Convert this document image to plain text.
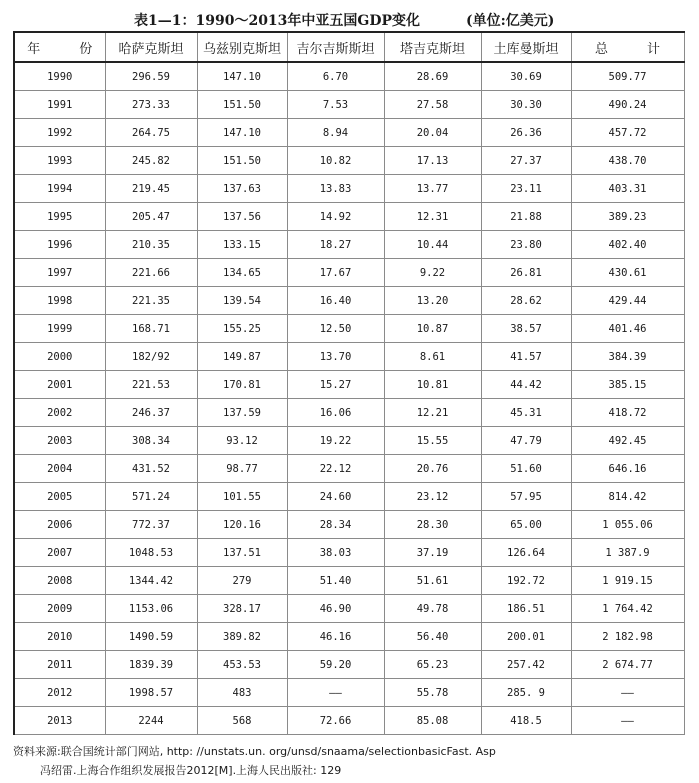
表1—1：1990～2013年中亚五国GDP变化	(单位:亿美元)
年　　　份	哈萨克斯坦	乌兹别克斯坦	吉尔吉斯斯坦	塔吉克斯坦	土库曼斯坦	总　　　计
1990	296.59	147.10	6.70	28.69	30.69	509.77
1991	273.33	151.50	7.53	27.58	30.30	490.24
1992	264.75	147.10	8.94	20.04	26.36	457.72
1993	245.82	151.50	10.82	17.13	27.37	438.70
1994	219.45	137.63	13.83	13.77	23.11	403.31
1995	205.47	137.56	14.92	12.31	21.88	389.23
1996	210.35	133.15	18.27	10.44	23.80	402.40
1997	221.66	134.65	17.67	9.22	26.81	430.61
1998	221.35	139.54	16.40	13.20	28.62	429.44
1999	168.71	155.25	12.50	10.87	38.57	401.46
2000	182/92	149.87	13.70	8.61	41.57	384.39
2001	221.53	170.81	15.27	10.81	44.42	385.15
2002	246.37	137.59	16.06	12.21	45.31	418.72
2003	308.34	93.12	19.22	15.55	47.79	492.45
2004	431.52	98.77	22.12	20.76	51.60	646.16
2005	571.24	101.55	24.60	23.12	57.95	814.42
2006	772.37	120.16	28.34	28.30	65.00	1 055.06
2007	1048.53	137.51	38.03	37.19	126.64	1 387.9
2008	1344.42	279	51.40	51.61	192.72	1 919.15
2009	1153.06	328.17	46.90	49.78	186.51	1 764.42
2010	1490.59	389.82	46.16	56.40	200.01	2 182.98
2011	1839.39	453.53	59.20	65.23	257.42	2 674.77
2012	1998.57	483	——	55.78	285. 9	——
2013	2244	568	72.66	85.08	418.5	——
资料来源:联合国统计部门网站, http: //unstats.un. org/unsd/snaama/selectionbasicFast. Asp
冯绍雷.上海合作组织发展报告2012[M].上海人民出版社: 129
